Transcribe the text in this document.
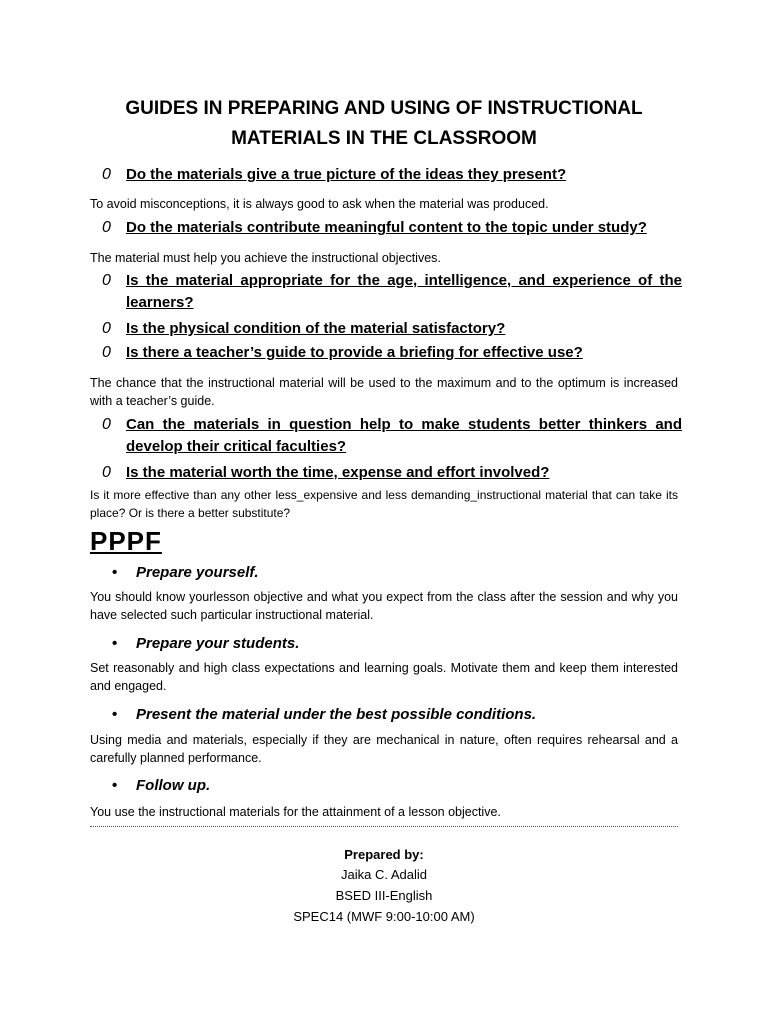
GUIDES IN PREPARING AND USING OF INSTRUCTIONAL MATERIALS IN THE CLASSROOM
0	Do the materials give a true picture of the ideas they present?
To avoid misconceptions, it is always good to ask when the material was produced.
0	Do the materials contribute meaningful content to the topic under study?
The material must help you achieve the instructional objectives.
0	Is the material appropriate for the age, intelligence, and experience of the learners?
0	Is the physical condition of the material satisfactory?
0	Is there a teacher’s guide to provide a briefing for effective use?
The chance that the instructional material will be used to the maximum and to the optimum is increased with a teacher’s guide.
0	Can the materials in question help to make students better thinkers and develop their critical faculties?
0	Is the material worth the time, expense and effort involved?
Is it more effective than any other less_expensive and less demanding_instructional material that can take its place? Or is there a better substitute?
PPPF
• Prepare yourself.
You should know yourlesson objective and what you expect from the class after the session and why you have selected such particular instructional material.
• Prepare your students.
Set reasonably and high class expectations and learning goals. Motivate them and keep them interested and engaged.
• Present the material under the best possible conditions.
Using media and materials, especially if they are mechanical in nature, often requires rehearsal and a carefully planned performance.
• Follow up.
You use the instructional materials for the attainment of a lesson objective.
Prepared by:
Jaika C. Adalid
BSED III-English
SPEC14 (MWF 9:00-10:00 AM)
